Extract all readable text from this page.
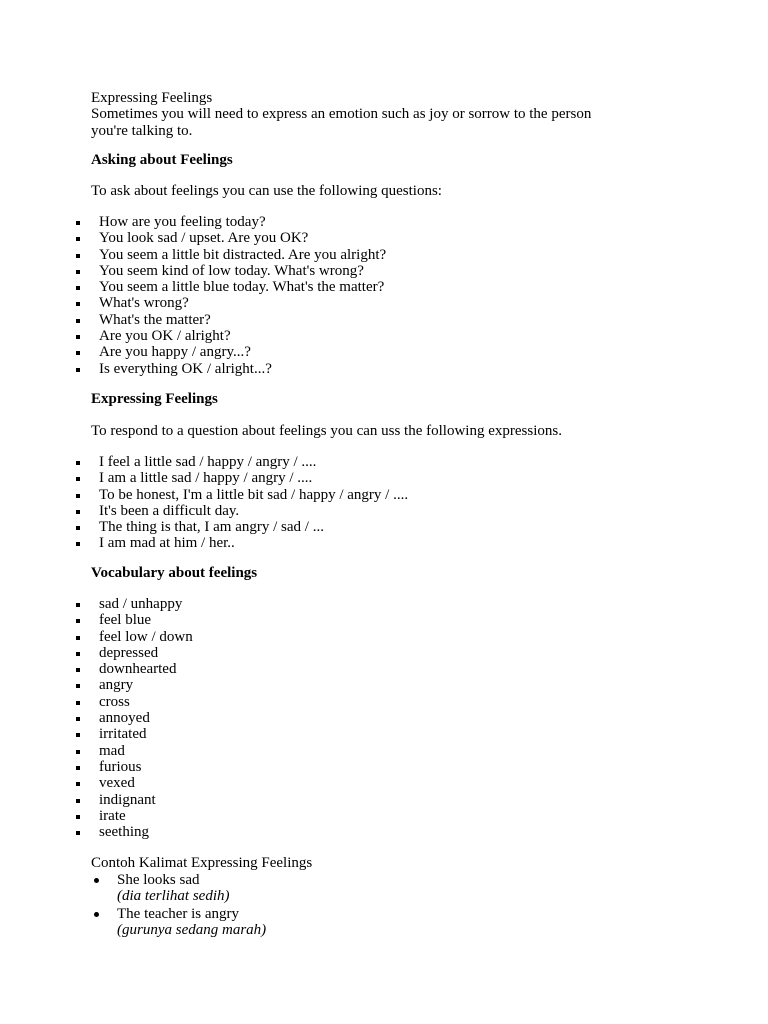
Expressing Feelings

Sometimes you will need to express an emotion such as joy or sorrow to the person

you're talking to.

Asking about Feelings

To ask about feelings you can use the following questions:

How are you feeling today?
You look sad / upset. Are you OK?
You seem a little bit distracted. Are you alright?
You seem kind of low today. What's wrong?
You seem a little blue today. What's the matter?
What's wrong?
What's the matter?
Are you OK / alright?
Are you happy / angry...?
Is everything OK / alright...?
Expressing Feelings

To respond to a question about feelings you can uss the following expressions.

I feel a little sad / happy / angry / ....
I am a little sad / happy / angry / ....
To be honest, I'm a little bit sad / happy / angry / ....
It's been a difficult day.
The thing is that, I am angry / sad / ...
I am mad at him / her..
Vocabulary about feelings
sad / unhappy
feel blue
feel low / down
depressed
downhearted
angry
cross
annoyed
irritated
mad
furious
vexed
indignant
irate
seething

Contoh Kalimat Expressing Feelings

She looks sad
(dia terlihat sedih)
The teacher is angry
(gurunya sedang marah)
